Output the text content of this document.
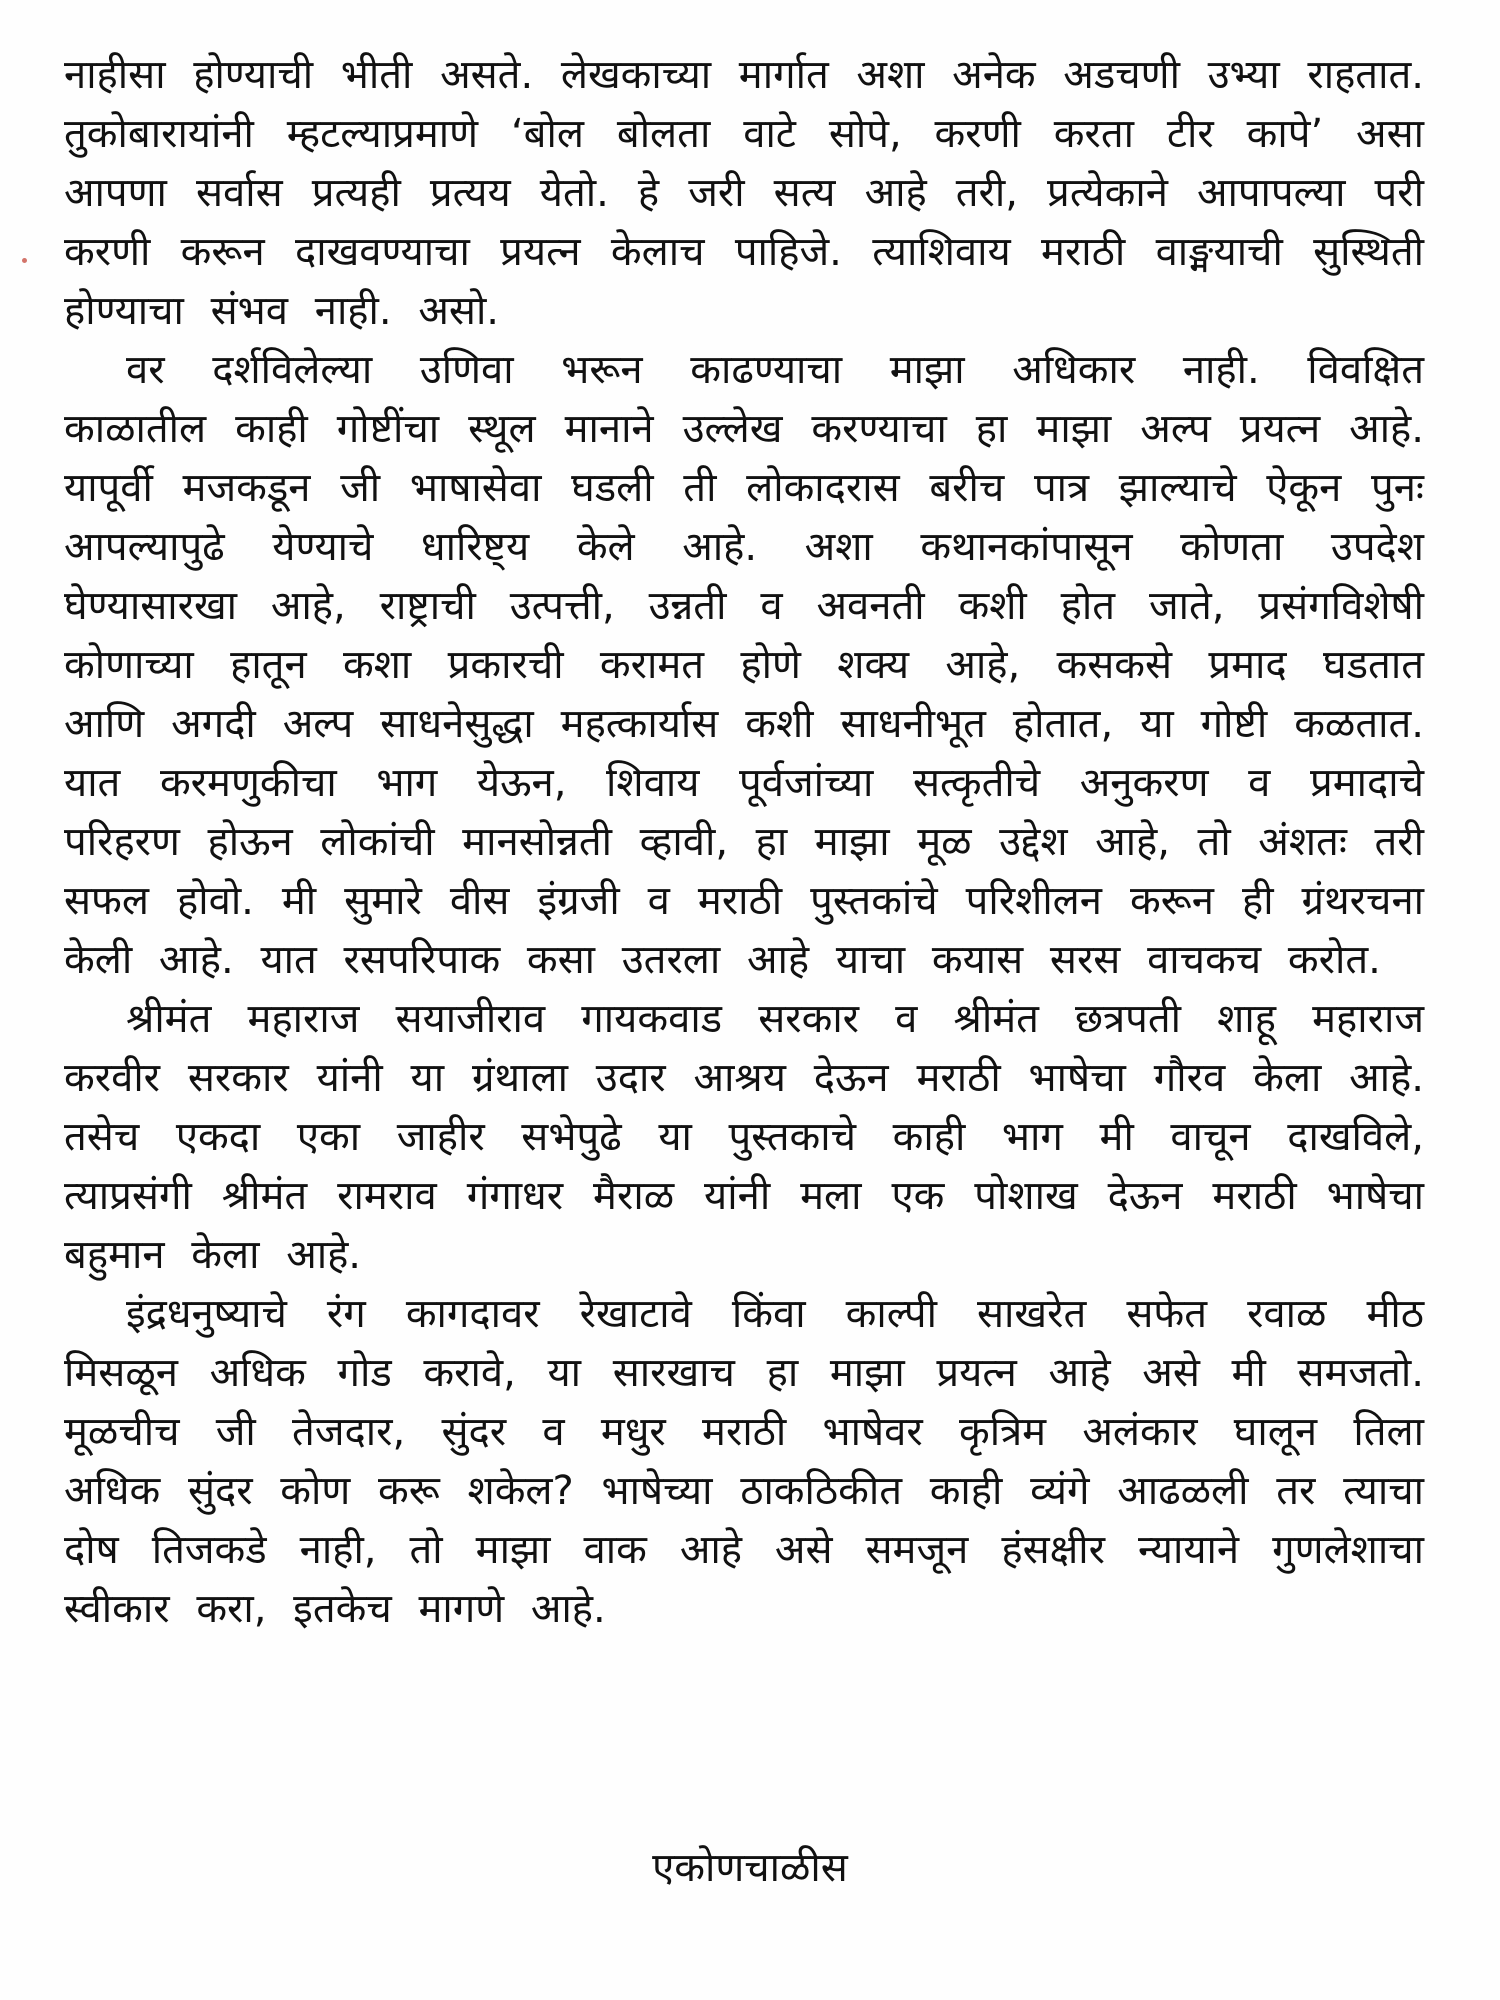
नाहीसा होण्याची भीती असते. लेखकाच्या मार्गात अशा अनेक अडचणी उभ्या राहतात. तुकोबारायांनी म्हटल्याप्रमाणे ‘बोल बोलता वाटे सोपे, करणी करता टीर कापे’ असा आपणा सर्वास प्रत्यही प्रत्यय येतो. हे जरी सत्य आहे तरी, प्रत्येकाने आपापल्या परी करणी करून दाखवण्याचा प्रयत्न केलाच पाहिजे. त्याशिवाय मराठी वाङ्मयाची सुस्थिती होण्याचा संभव नाही. असो.

वर दर्शविलेल्या उणिवा भरून काढण्याचा माझा अधिकार नाही. विवक्षित काळातील काही गोष्टींचा स्थूल मानाने उल्लेख करण्याचा हा माझा अल्प प्रयत्न आहे. यापूर्वी मजकडून जी भाषासेवा घडली ती लोकादरास बरीच पात्र झाल्याचे ऐकून पुनः आपल्यापुढे येण्याचे धारिष्ट्य केले आहे. अशा कथानकांपासून कोणता उपदेश घेण्यासारखा आहे, राष्ट्राची उत्पत्ती, उन्नती व अवनती कशी होत जाते, प्रसंगविशेषी कोणाच्या हातून कशा प्रकारची करामत होणे शक्य आहे, कसकसे प्रमाद घडतात आणि अगदी अल्प साधनेसुद्धा महत्कार्यास कशी साधनीभूत होतात, या गोष्टी कळतात. यात करमणुकीचा भाग येऊन, शिवाय पूर्वजांच्या सत्कृतीचे अनुकरण व प्रमादाचे परिहरण होऊन लोकांची मानसोन्नती व्हावी, हा माझा मूळ उद्देश आहे, तो अंशतः तरी सफल होवो. मी सुमारे वीस इंग्रजी व मराठी पुस्तकांचे परिशीलन करून ही ग्रंथरचना केली आहे. यात रसपरिपाक कसा उतरला आहे याचा कयास सरस वाचकच करोत.

श्रीमंत महाराज सयाजीराव गायकवाड सरकार व श्रीमंत छत्रपती शाहू महाराज करवीर सरकार यांनी या ग्रंथाला उदार आश्रय देऊन मराठी भाषेचा गौरव केला आहे. तसेच एकदा एका जाहीर सभेपुढे या पुस्तकाचे काही भाग मी वाचून दाखविले, त्याप्रसंगी श्रीमंत रामराव गंगाधर मैराळ यांनी मला एक पोशाख देऊन मराठी भाषेचा बहुमान केला आहे.

इंद्रधनुष्याचे रंग कागदावर रेखाटावे किंवा काल्पी साखरेत सफेत रवाळ मीठ मिसळून अधिक गोड करावे, या सारखाच हा माझा प्रयत्न आहे असे मी समजतो. मूळचीच जी तेजदार, सुंदर व मधुर मराठी भाषेवर कृत्रिम अलंकार घालून तिला अधिक सुंदर कोण करू शकेल? भाषेच्या ठाकठिकीत काही व्यंगे आढळली तर त्याचा दोष तिजकडे नाही, तो माझा वाक आहे असे समजून हंसक्षीर न्यायाने गुणलेशाचा स्वीकार करा, इतकेच मागणे आहे.

एकोणचाळीस
